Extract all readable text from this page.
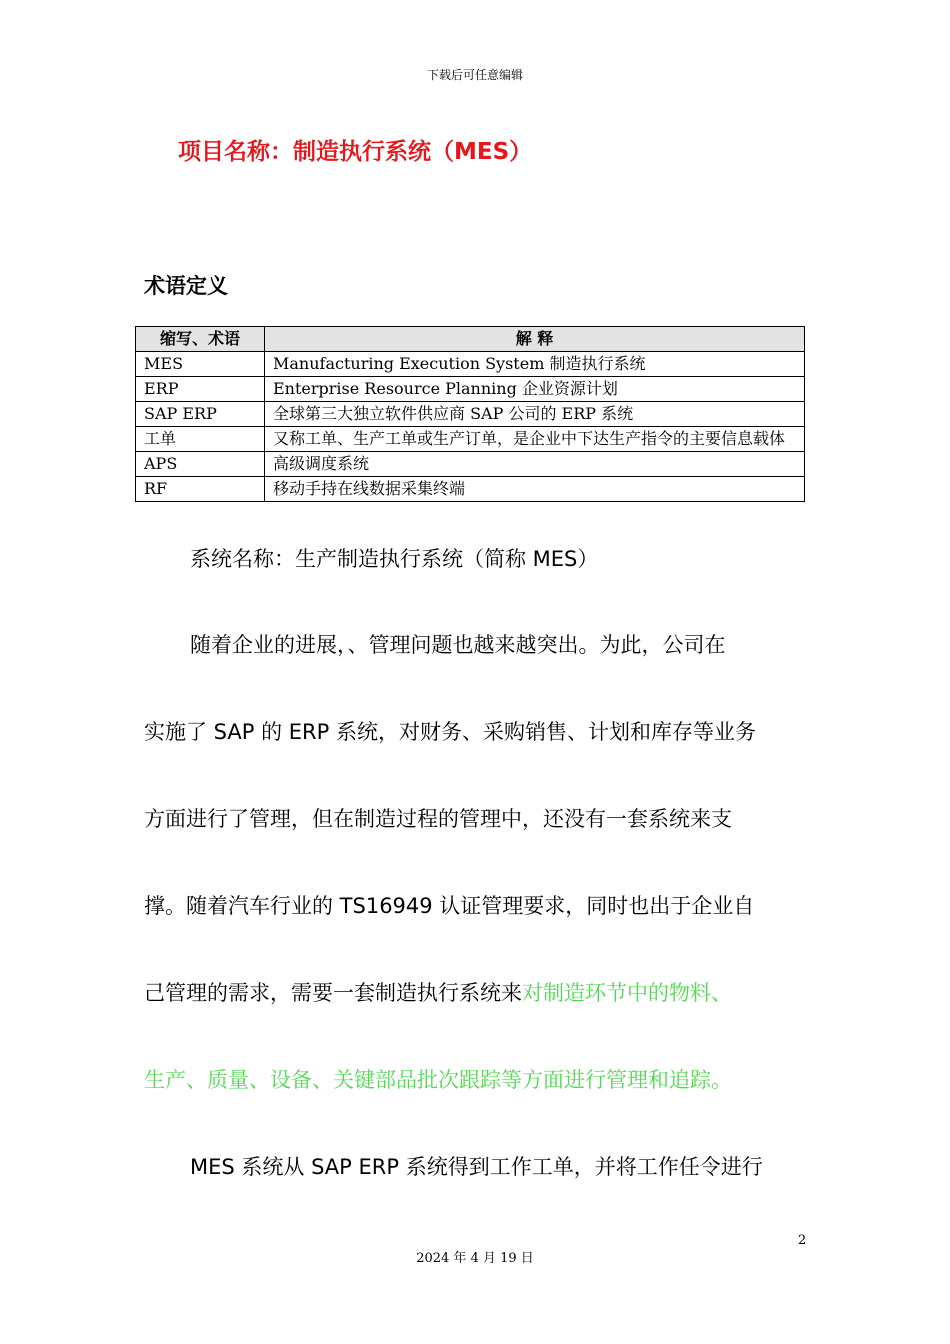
下载后可任意编辑
项目名称：制造执行系统（MES）
术语定义
缩写、术语	解 释
MES	Manufacturing Execution System 制造执行系统
ERP	Enterprise Resource Planning 企业资源计划
SAP ERP	全球第三大独立软件供应商 SAP 公司的 ERP 系统
工单	又称工单、生产工单或生产订单，是企业中下达生产指令的主要信息载体
APS	高级调度系统
RF	移动手持在线数据采集终端

系统名称：生产制造执行系统（简称 MES）

随着企业的进展，、管理问题也越来越突出。为此，公司在

实施了 SAP 的 ERP 系统，对财务、采购销售、计划和库存等业务

方面进行了管理，但在制造过程的管理中，还没有一套系统来支

撑。随着汽车行业的 TS16949 认证管理要求，同时也出于企业自

己管理的需求，需要一套制造执行系统来对制造环节中的物料、

生产、质量、设备、关键部品批次跟踪等方面进行管理和追踪。

MES 系统从 SAP ERP 系统得到工作工单，并将工作任令进行

2
2024 年 4 月 19 日
